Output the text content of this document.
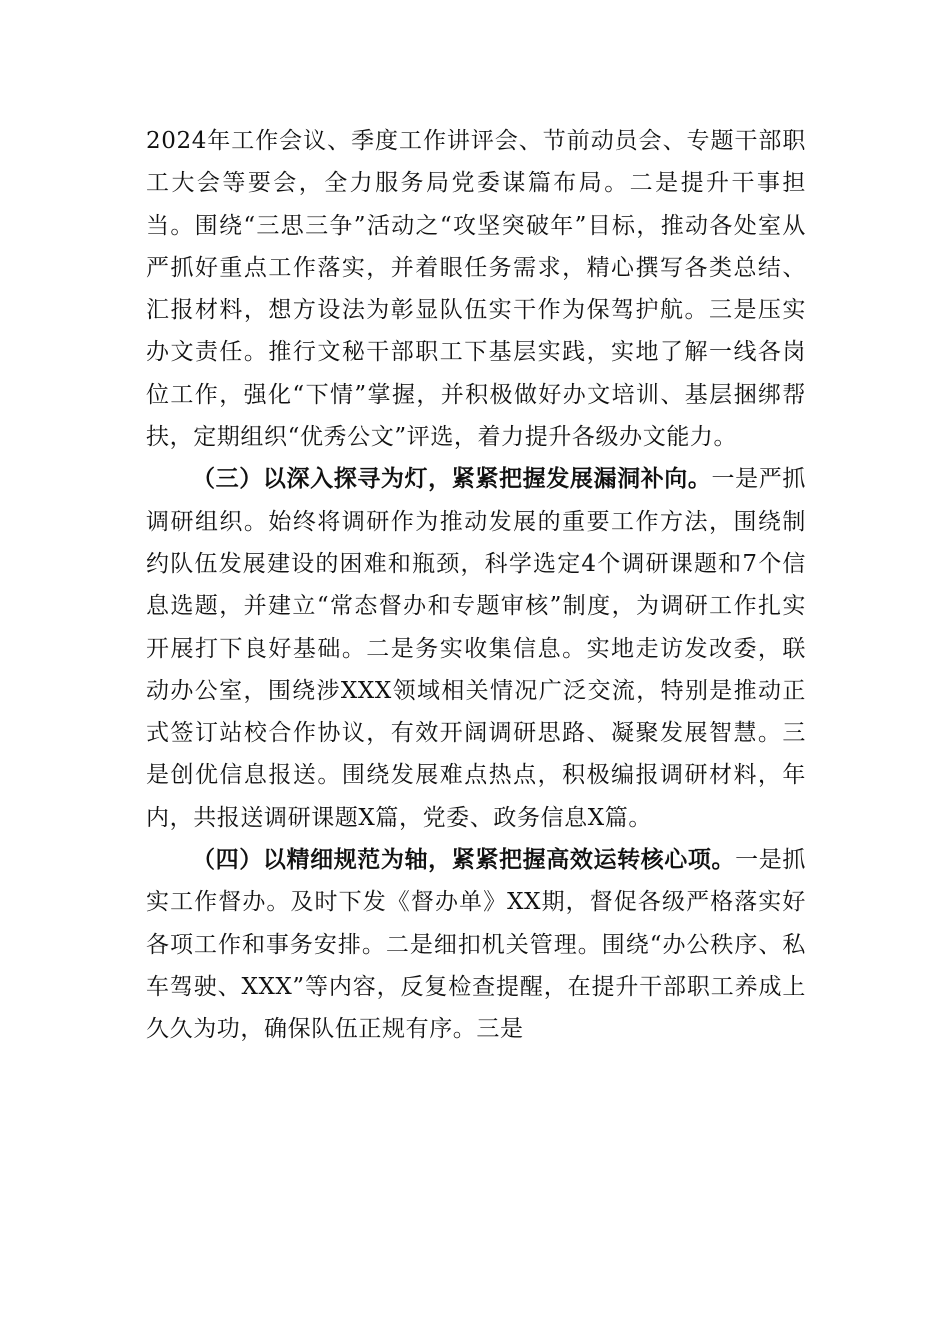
2024年工作会议、季度工作讲评会、节前动员会、专题干部职工大会等要会，全力服务局党委谋篇布局。二是提升干事担当。围绕“三思三争”活动之“攻坚突破年”目标，推动各处室从严抓好重点工作落实，并着眼任务需求，精心撰写各类总结、汇报材料，想方设法为彰显队伍实干作为保驾护航。三是压实办文责任。推行文秘干部职工下基层实践，实地了解一线各岗位工作，强化“下情”掌握，并积极做好办文培训、基层捆绑帮扶，定期组织“优秀公文”评选，着力提升各级办文能力。

（三）以深入探寻为灯，紧紧把握发展漏洞补向。一是严抓调研组织。始终将调研作为推动发展的重要工作方法，围绕制约队伍发展建设的困难和瓶颈，科学选定4个调研课题和7个信息选题，并建立“常态督办和专题审核”制度，为调研工作扎实开展打下良好基础。二是务实收集信息。实地走访发改委，联动办公室，围绕涉XXX领域相关情况广泛交流，特别是推动正式签订站校合作协议，有效开阔调研思路、凝聚发展智慧。三是创优信息报送。围绕发展难点热点，积极编报调研材料，年内，共报送调研课题X篇，党委、政务信息X篇。

（四）以精细规范为轴，紧紧把握高效运转核心项。一是抓实工作督办。及时下发《督办单》XX期，督促各级严格落实好各项工作和事务安排。二是细扣机关管理。围绕“办公秩序、私车驾驶、XXX”等内容，反复检查提醒，在提升干部职工养成上久久为功，确保队伍正规有序。三是
